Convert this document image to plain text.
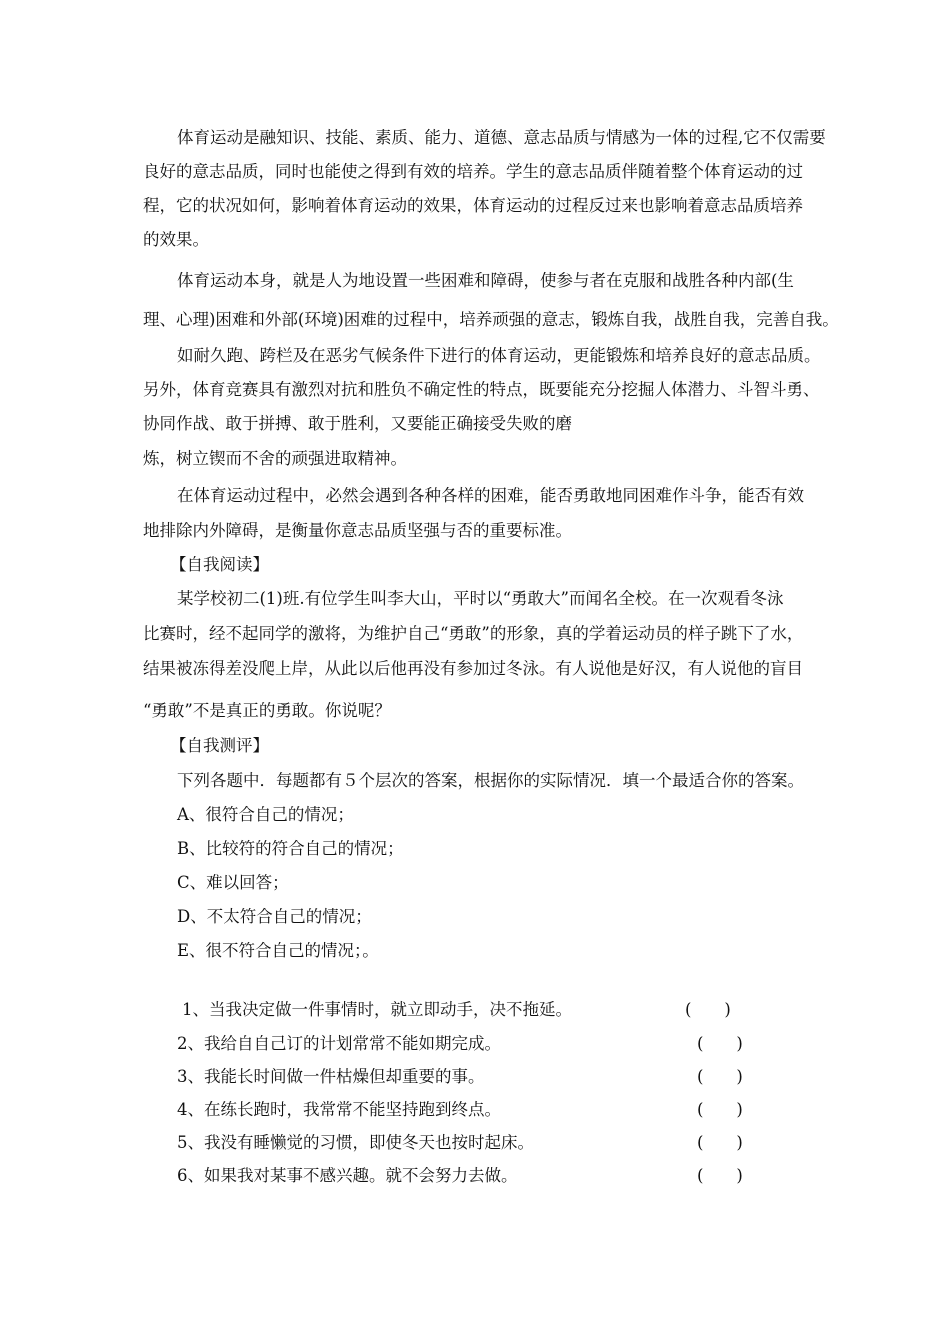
体育运动是融知识、技能、素质、能力、道德、意志品质与情感为一体的过程,它不仅需要
良好的意志品质，同时也能使之得到有效的培养。学生的意志品质伴随着整个体育运动的过
程，它的状况如何，影响着体育运动的效果，体育运动的过程反过来也影响着意志品质培养
的效果。
体育运动本身，就是人为地设置一些困难和障碍，使参与者在克服和战胜各种内部(生
理、心理)困难和外部(环境)困难的过程中，培养顽强的意志，锻炼自我，战胜自我，完善自我。
如耐久跑、跨栏及在恶劣气候条件下进行的体育运动，更能锻炼和培养良好的意志品质。
另外，体育竞赛具有激烈对抗和胜负不确定性的特点，既要能充分挖掘人体潜力、斗智斗勇、
协同作战、敢于拼搏、敢于胜利，又要能正确接受失败的磨
炼，树立锲而不舍的顽强进取精神。
在体育运动过程中，必然会遇到各种各样的困难，能否勇敢地同困难作斗争，能否有效
地排除内外障碍，是衡量你意志品质坚强与否的重要标准。
【自我阅读】
某学校初二(1)班.有位学生叫李大山，平时以“勇敢大”而闻名全校。在一次观看冬泳
比赛时，经不起同学的激将，为维护自己“勇敢”的形象，真的学着运动员的样子跳下了水，
结果被冻得差没爬上岸，从此以后他再没有参加过冬泳。有人说他是好汉，有人说他的盲目
“勇敢”不是真正的勇敢。你说呢？
【自我测评】
下列各题中．每题都有５个层次的答案，根据你的实际情况．填一个最适合你的答案。
A、很符合自己的情况；
B、比较符的符合自己的情况；
C、难以回答；
D、不太符合自己的情况；
E、很不符合自己的情况；。
1、当我决定做一件事情时，就立即动手，决不拖延。	(　　)
2、我给自自己订的计划常常不能如期完成。	(　　)
3、我能长时间做一件枯燥但却重要的事。	(　　)
4、在练长跑时，我常常不能坚持跑到终点。	(　　)
5、我没有睡懒觉的习惯，即使冬天也按时起床。	(　　)
6、如果我对某事不感兴趣。就不会努力去做。	(　　)
